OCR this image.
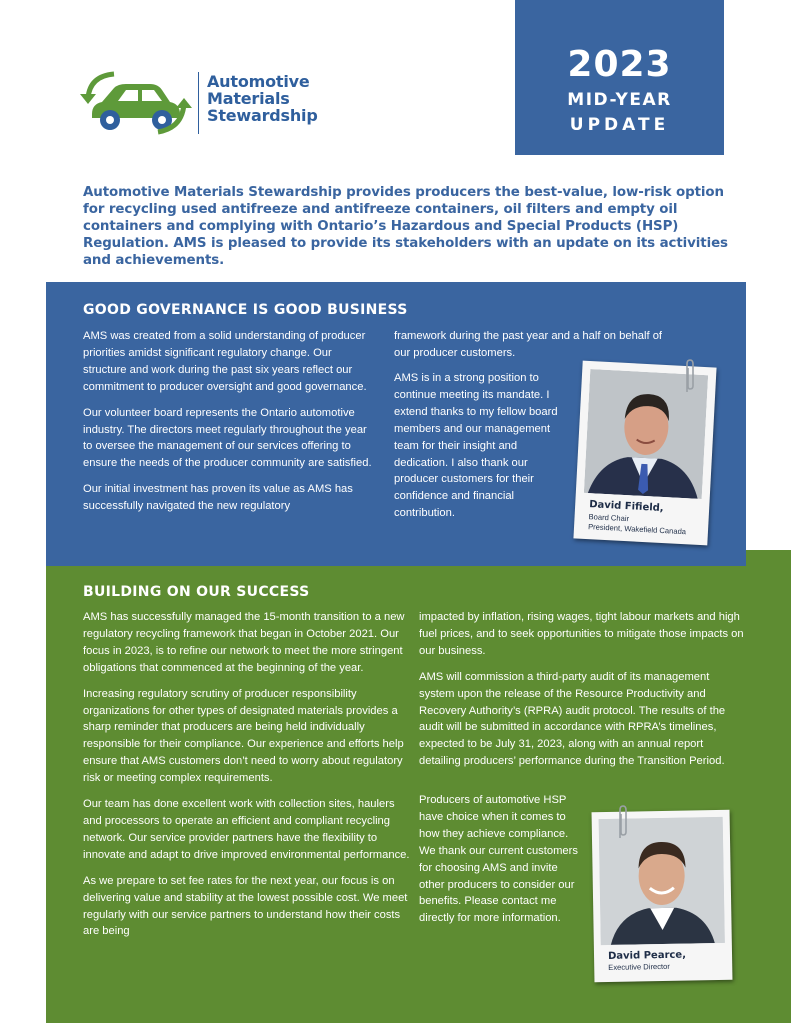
Automotive
Materials
Stewardship
2023
MID-YEAR
UPDATE
Automotive Materials Stewardship provides producers the best-value, low-risk option for recycling used antifreeze and antifreeze containers, oil filters and empty oil containers and complying with Ontario’s Hazardous and Special Products (HSP) Regulation. AMS is pleased to provide its stakeholders with an update on its activities and achievements.
BUILDING ON OUR SUCCESS

AMS has successfully managed the 15-month transition to a new regulatory recycling framework that began in October 2021. Our focus in 2023, is to refine our network to meet the more stringent obligations that commenced at the beginning of the year.

Increasing regulatory scrutiny of producer responsibility organizations for other types of designated materials provides a sharp reminder that producers are being held individually responsible for their compliance. Our experience and efforts help ensure that AMS customers don’t need to worry about regulatory risk or meeting complex requirements.

Our team has done excellent work with collection sites, haulers and processors to operate an efficient and compliant recycling network. Our service provider partners have the flexibility to innovate and adapt to drive improved environmental performance.

As we prepare to set fee rates for the next year, our focus is on delivering value and stability at the lowest possible cost. We meet regularly with our service partners to understand how their costs are being

impacted by inflation, rising wages, tight labour markets and high fuel prices, and to seek opportunities to mitigate those impacts on our business.

AMS will commission a third-party audit of its management system upon the release of the Resource Productivity and Recovery Authority’s (RPRA) audit protocol. The results of the audit will be submitted in accordance with RPRA’s timelines, expected to be July 31, 2023, along with an annual report detailing producers’ performance during the Transition Period.

Producers of automotive HSP have choice when it comes to how they achieve compliance. We thank our current customers for choosing AMS and invite other producers to consider our benefits. Please contact me directly for more information.

David Pearce,
Executive Director
GOOD GOVERNANCE IS GOOD BUSINESS

AMS was created from a solid understanding of producer priorities amidst significant regulatory change. Our structure and work during the past six years reflect our commitment to producer oversight and good governance.

Our volunteer board represents the Ontario automotive industry. The directors meet regularly throughout the year to oversee the management of our services offering to ensure the needs of the producer community are satisfied.

Our initial investment has proven its value as AMS has successfully navigated the new regulatory

framework during the past year and a half on behalf of our producer customers.

AMS is in a strong position to continue meeting its mandate. I extend thanks to my fellow board members and our management team for their insight and dedication. I also thank our producer customers for their confidence and financial contribution.	David Fifield,
Board Chair
President, Wakefield Canada
